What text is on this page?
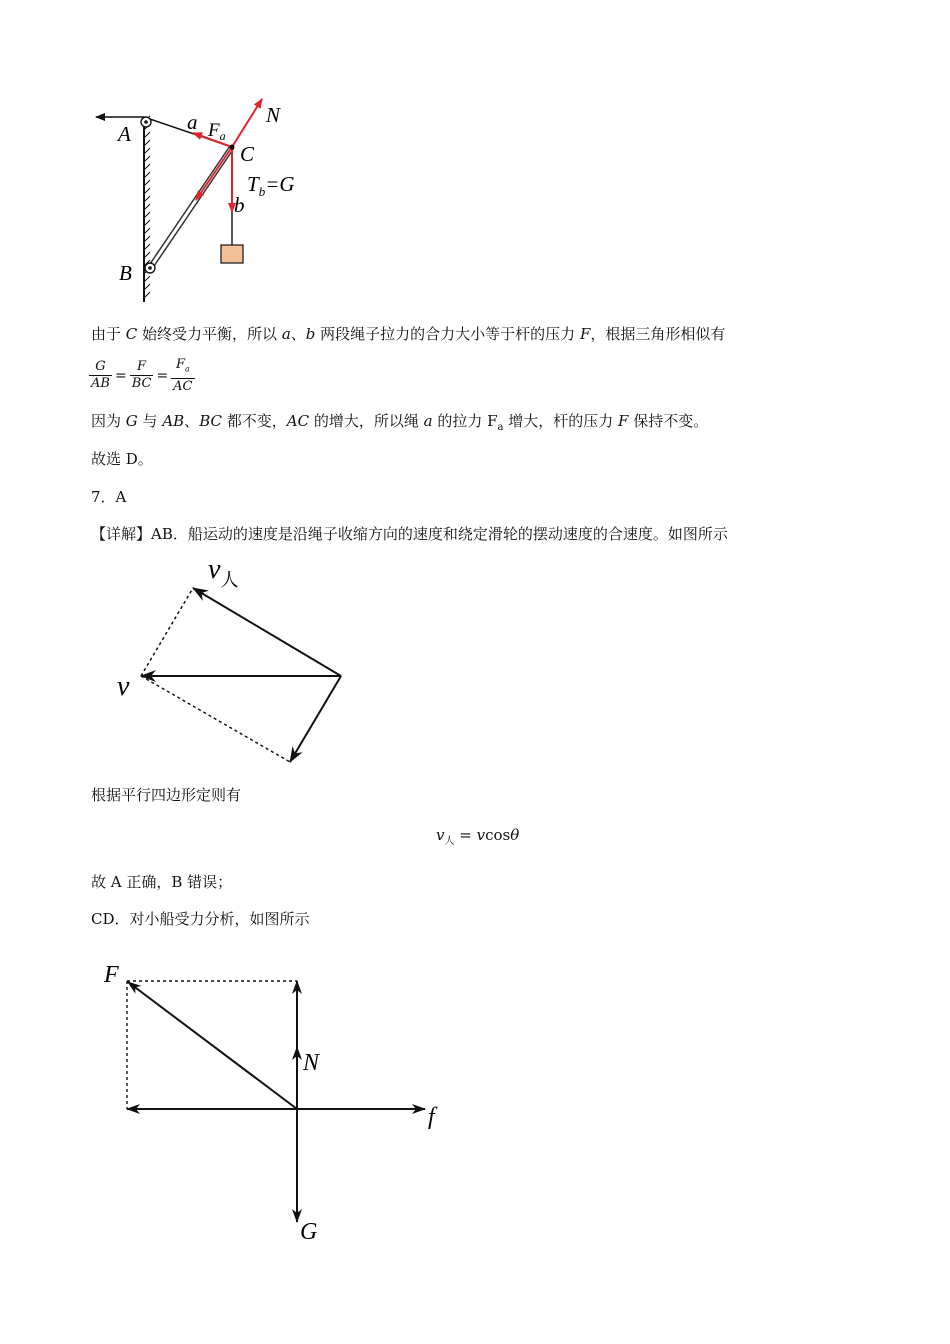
A
B
C
a
b
N
$F_a$
$T_b=G$
由于 C 始终受力平衡，所以 a、b 两段绳子拉力的合力大小等于杆的压力 F，根据三角形相似有
$\frac{G}{AB} = \frac{F}{BC} = \frac{F_a}{AC}$
因为 G 与 AB、BC 都不变，AC 的增大，所以绳 a 的拉力 $F_a$ 增大，杆的压力 F 保持不变。
故选 D。
7．A
【详解】AB．船运动的速度是沿绳子收缩方向的速度和绕定滑轮的摆动速度的合速度。如图所示
$v_人$
v
根据平行四边形定则有
$v_人 = vcos\theta$
故 A 正确，B 错误；
CD．对小船受力分析，如图所示
F
N
f
G
